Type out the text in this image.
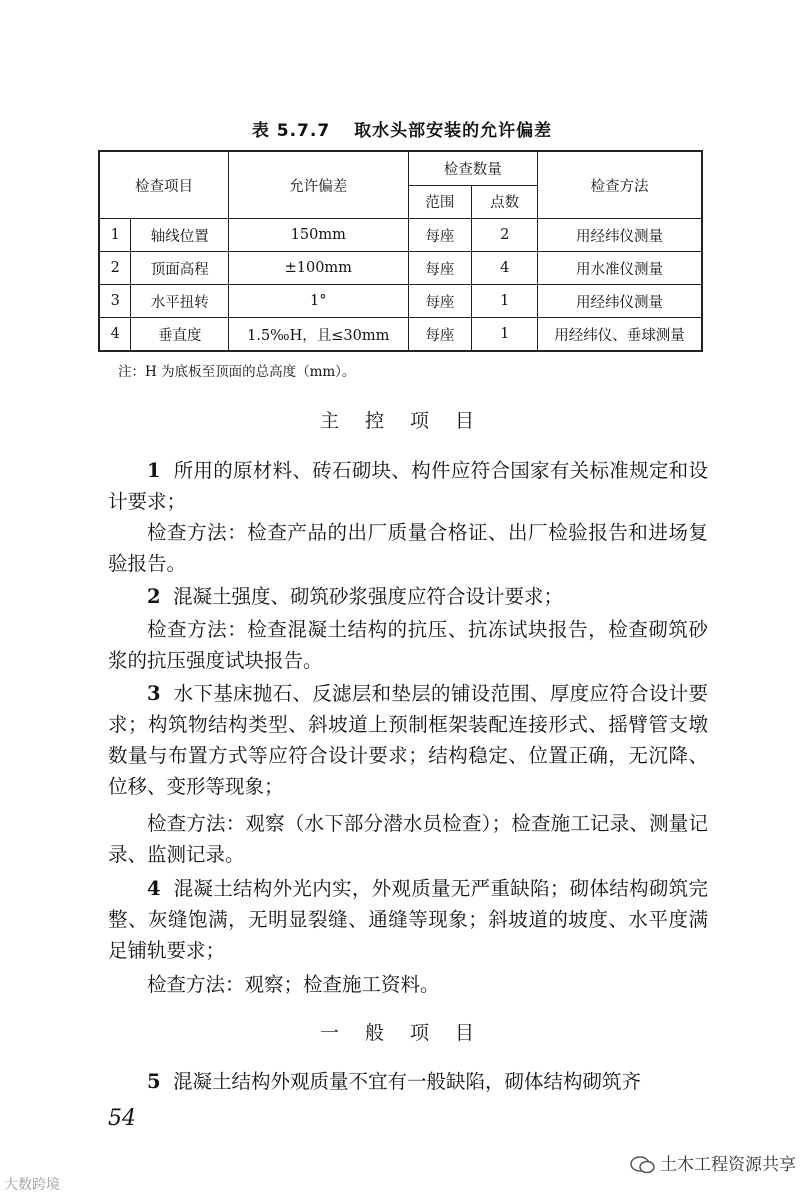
表 5.7.7 取水头部安装的允许偏差
检查项目		允许偏差	检查数量		检查方法
			范围	点数	
1	轴线位置	150mm	每座	2	用经纬仪测量
2	顶面高程	±100mm	每座	4	用水准仪测量
3	水平扭转	1°	每座	1	用经纬仪测量
4	垂直度	1.5‰H，且≤30mm	每座	1	用经纬仪、垂球测量
注：H 为底板至顶面的总高度（mm）。
主 控 项 目
1 所用的原材料、砖石砌块、构件应符合国家有关标准规定和设计要求；
检查方法：检查产品的出厂质量合格证、出厂检验报告和进场复验报告。
2 混凝土强度、砌筑砂浆强度应符合设计要求；
检查方法：检查混凝土结构的抗压、抗冻试块报告，检查砌筑砂浆的抗压强度试块报告。
3 水下基床抛石、反滤层和垫层的铺设范围、厚度应符合设计要求；构筑物结构类型、斜坡道上预制框架装配连接形式、摇臂管支墩数量与布置方式等应符合设计要求；结构稳定、位置正确，无沉降、位移、变形等现象；
检查方法：观察（水下部分潜水员检查）；检查施工记录、测量记录、监测记录。
4 混凝土结构外光内实，外观质量无严重缺陷；砌体结构砌筑完整、灰缝饱满，无明显裂缝、通缝等现象；斜坡道的坡度、水平度满足铺轨要求；
检查方法：观察；检查施工资料。
一 般 项 目
5 混凝土结构外观质量不宜有一般缺陷，砌体结构砌筑齐
54
大数跨境
土木工程资源共享
